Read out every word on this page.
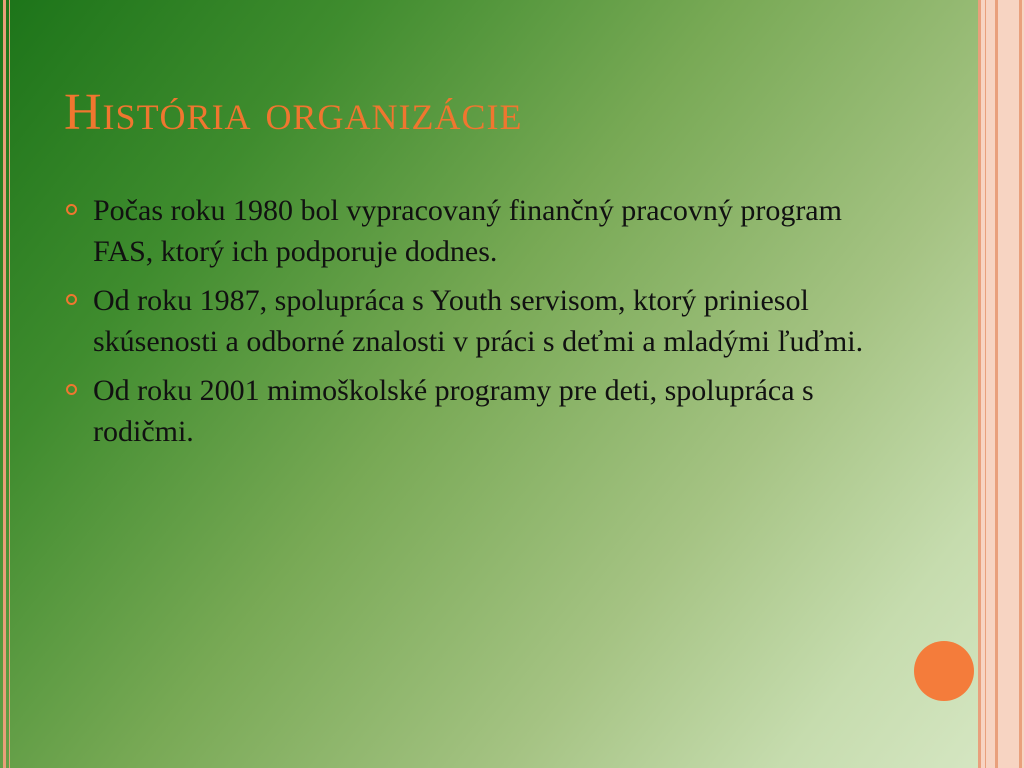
História organizácie
Počas roku 1980 bol vypracovaný finančný pracovný program FAS, ktorý ich podporuje dodnes.
Od roku 1987, spolupráca s Youth servisom, ktorý priniesol skúsenosti a odborné znalosti v práci s deťmi a mladými ľuďmi.
Od roku 2001 mimoškolské programy pre deti, spolupráca s rodičmi.
